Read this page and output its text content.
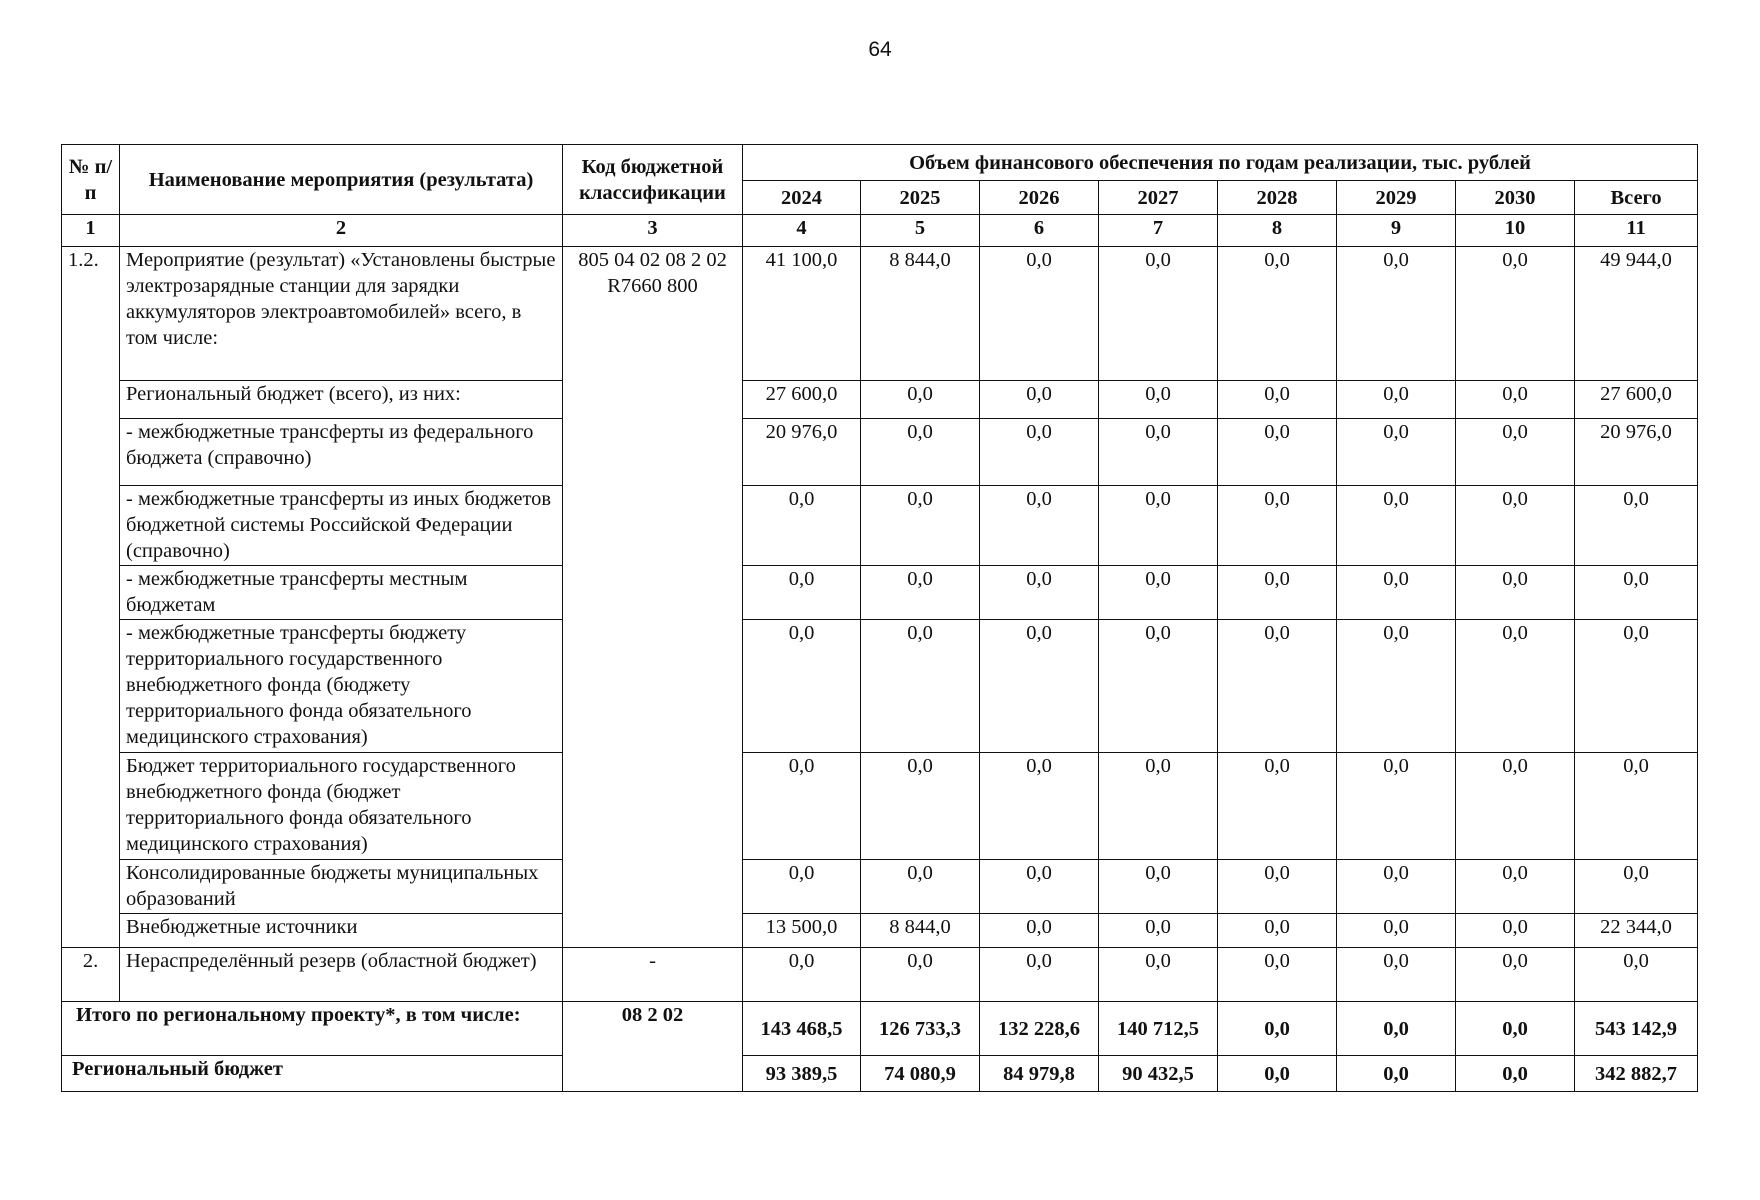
64
№ п/п	Наименование мероприятия (результата)	Код бюджетной классификации	Объем финансового обеспечения по годам реализации, тыс. рублей							
			2024	2025	2026	2027	2028	2029	2030	Всего
1	2	3	4	5	6	7	8	9	10	11
1.2.	Мероприятие (результат) «Установлены быстрые электрозарядные станции для зарядки аккумуляторов электроавтомобилей» всего, в том числе:	805 04 02 08 2 02 R7660 800	41 100,0	8 844,0	0,0	0,0	0,0	0,0	0,0	49 944,0
	Региональный бюджет (всего), из них:		27 600,0	0,0	0,0	0,0	0,0	0,0	0,0	27 600,0
	- межбюджетные трансферты из федерального бюджета (справочно)		20 976,0	0,0	0,0	0,0	0,0	0,0	0,0	20 976,0
	- межбюджетные трансферты из иных бюджетов бюджетной системы Российской Федерации (справочно)		0,0	0,0	0,0	0,0	0,0	0,0	0,0	0,0
	- межбюджетные трансферты местным бюджетам		0,0	0,0	0,0	0,0	0,0	0,0	0,0	0,0
	- межбюджетные трансферты бюджету территориального государственного внебюджетного фонда (бюджету территориального фонда обязательного медицинского страхования)		0,0	0,0	0,0	0,0	0,0	0,0	0,0	0,0
	Бюджет территориального государственного внебюджетного фонда (бюджет территориального фонда обязательного медицинского страхования)		0,0	0,0	0,0	0,0	0,0	0,0	0,0	0,0
	Консолидированные бюджеты муниципальных образований		0,0	0,0	0,0	0,0	0,0	0,0	0,0	0,0
	Внебюджетные источники		13 500,0	8 844,0	0,0	0,0	0,0	0,0	0,0	22 344,0
2.	Нераспределённый резерв (областной бюджет)	-	0,0	0,0	0,0	0,0	0,0	0,0	0,0	0,0
Итого по региональному проекту*, в том числе:		08 2 02	143 468,5	126 733,3	132 228,6	140 712,5	0,0	0,0	0,0	543 142,9
Региональный бюджет			93 389,5	74 080,9	84 979,8	90 432,5	0,0	0,0	0,0	342 882,7
